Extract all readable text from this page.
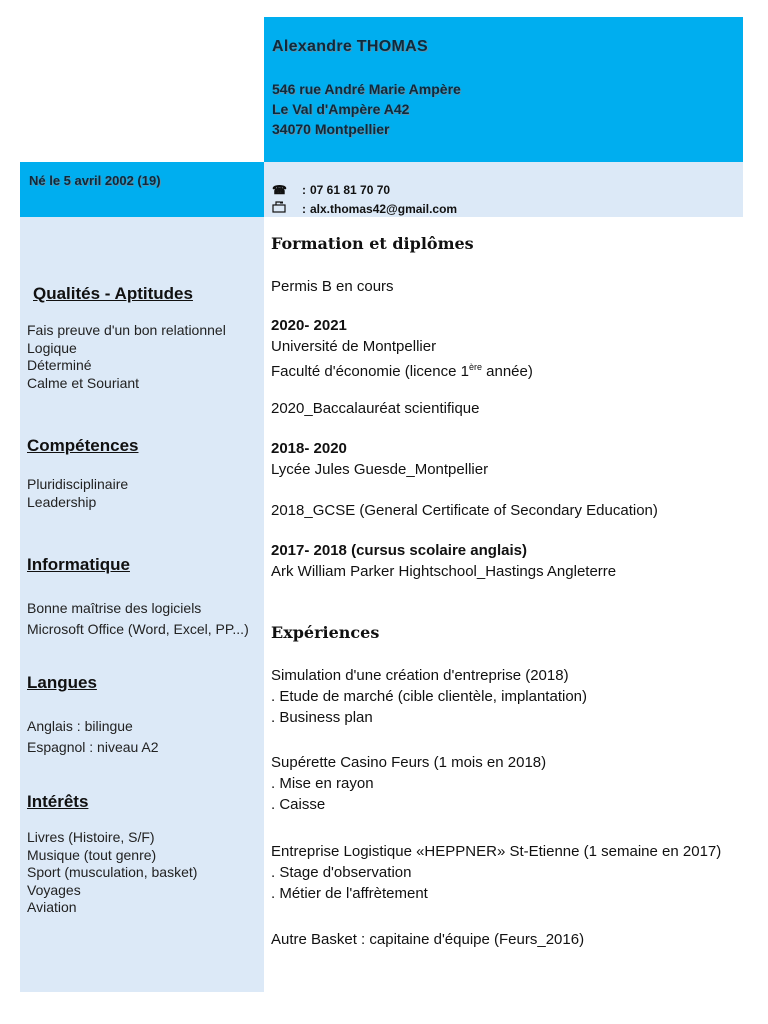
Alexandre THOMAS
546 rue André Marie Ampère
Le Val d'Ampère A42
34070 Montpellier
Né le 5 avril 2002 (19)
☎	: 07 61 81 70 70
: alx.thomas42@gmail.com
Qualités - Aptitudes
Fais preuve d'un bon relationnel
Logique
Déterminé
Calme et Souriant
Compétences
Pluridisciplinaire
Leadership
Informatique
Bonne maîtrise des logiciels
Microsoft Office (Word, Excel, PP...)
Langues
Anglais : bilingue
Espagnol : niveau A2
Intérêts
Livres (Histoire, S/F)
Musique (tout genre)
Sport (musculation, basket)
Voyages
Aviation
Formation et diplômes
Permis B en cours
2020- 2021
Université de Montpellier
Faculté d'économie (licence 1ère année)
2020_Baccalauréat scientifique
2018- 2020
Lycée Jules Guesde_Montpellier
2018_GCSE (General Certificate of Secondary Education)
2017- 2018 (cursus scolaire anglais)
Ark William Parker Hightschool_Hastings Angleterre
Expériences
Simulation d'une création d'entreprise (2018)
. Etude de marché (cible clientèle, implantation)
. Business plan
Supérette Casino Feurs (1 mois en 2018)
. Mise en rayon
. Caisse
Entreprise Logistique «HEPPNER» St-Etienne (1 semaine en 2017)
. Stage d'observation
. Métier de l'affrètement
Autre Basket : capitaine d'équipe (Feurs_2016)
